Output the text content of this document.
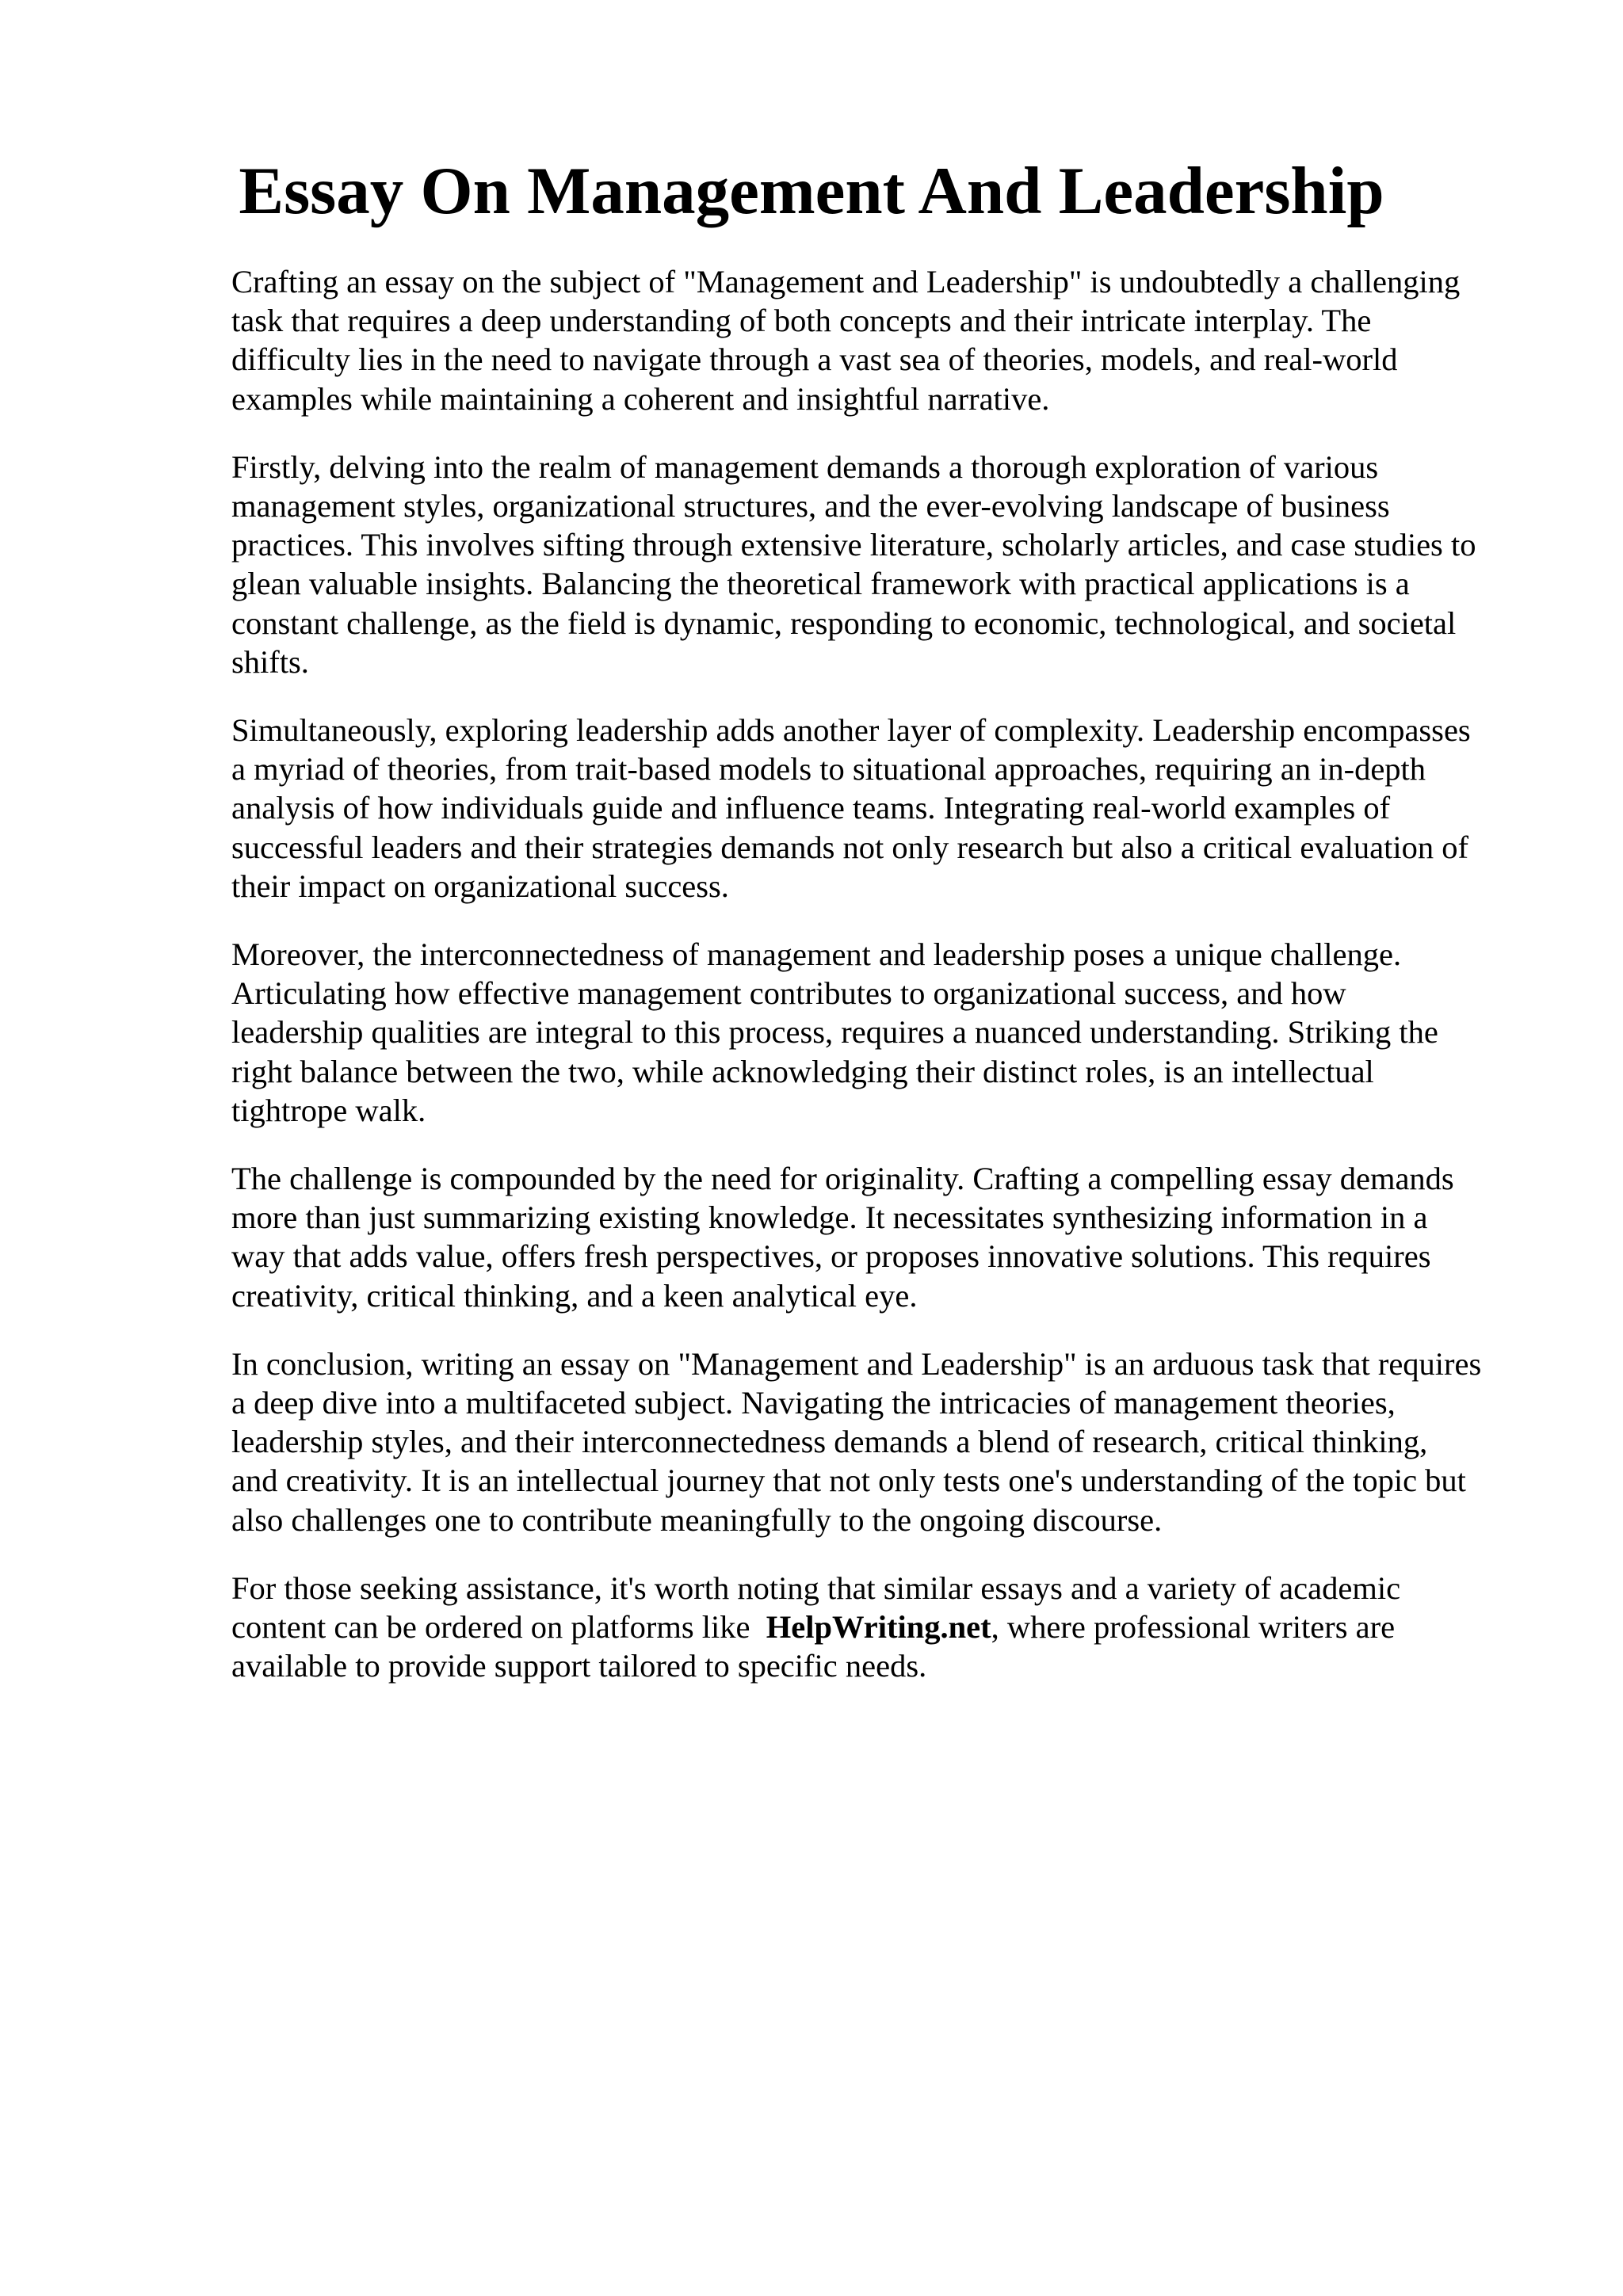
Essay On Management And Leadership

Crafting an essay on the subject of "Management and Leadership" is undoubtedly a challenging
task that requires a deep understanding of both concepts and their intricate interplay. The
difficulty lies in the need to navigate through a vast sea of theories, models, and real-world
examples while maintaining a coherent and insightful narrative.

Firstly, delving into the realm of management demands a thorough exploration of various
management styles, organizational structures, and the ever-evolving landscape of business
practices. This involves sifting through extensive literature, scholarly articles, and case studies to
glean valuable insights. Balancing the theoretical framework with practical applications is a
constant challenge, as the field is dynamic, responding to economic, technological, and societal
shifts.

Simultaneously, exploring leadership adds another layer of complexity. Leadership encompasses
a myriad of theories, from trait-based models to situational approaches, requiring an in-depth
analysis of how individuals guide and influence teams. Integrating real-world examples of
successful leaders and their strategies demands not only research but also a critical evaluation of
their impact on organizational success.

Moreover, the interconnectedness of management and leadership poses a unique challenge.
Articulating how effective management contributes to organizational success, and how
leadership qualities are integral to this process, requires a nuanced understanding. Striking the
right balance between the two, while acknowledging their distinct roles, is an intellectual
tightrope walk.

The challenge is compounded by the need for originality. Crafting a compelling essay demands
more than just summarizing existing knowledge. It necessitates synthesizing information in a
way that adds value, offers fresh perspectives, or proposes innovative solutions. This requires
creativity, critical thinking, and a keen analytical eye.

In conclusion, writing an essay on "Management and Leadership" is an arduous task that requires
a deep dive into a multifaceted subject. Navigating the intricacies of management theories,
leadership styles, and their interconnectedness demands a blend of research, critical thinking,
and creativity. It is an intellectual journey that not only tests one's understanding of the topic but
also challenges one to contribute meaningfully to the ongoing discourse.

For those seeking assistance, it's worth noting that similar essays and a variety of academic
content can be ordered on platforms like HelpWriting.net, where professional writers are
available to provide support tailored to specific needs.
